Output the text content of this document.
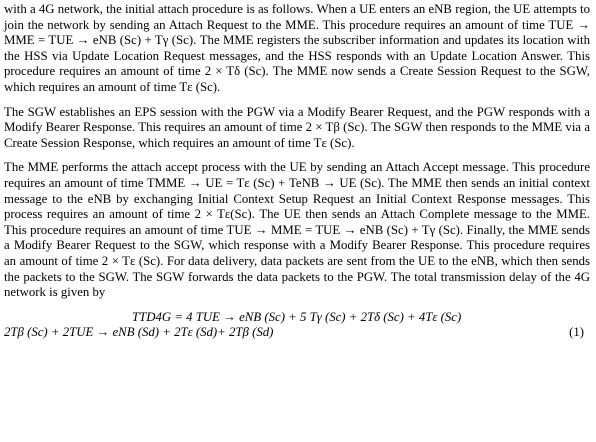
with a 4G network, the initial attach procedure is as follows. When a UE enters an eNB region, the UE attempts to join the network by sending an Attach Request to the MME. This procedure requires an amount of time TUE → MME = TUE → eNB (Sc) + Tγ (Sc). The MME registers the subscriber information and updates its location with the HSS via Update Location Request messages, and the HSS responds with an Update Location Answer. This procedure requires an amount of time 2 × Tδ (Sc). The MME now sends a Create Session Request to the SGW, which requires an amount of time Tε (Sc).

The SGW establishes an EPS session with the PGW via a Modify Bearer Request, and the PGW responds with a Modify Bearer Response. This requires an amount of time 2 × Tβ (Sc). The SGW then responds to the MME via a Create Session Response, which requires an amount of time Tε (Sc).

The MME performs the attach accept process with the UE by sending an Attach Accept message. This procedure requires an amount of time TMME → UE = Tε (Sc) + TeNB → UE (Sc). The MME then sends an initial context message to the eNB by exchanging Initial Context Setup Request an Initial Context Response messages. This process requires an amount of time 2 × Tε(Sc). The UE then sends an Attach Complete message to the MME. This procedure requires an amount of time TUE → MME = TUE → eNB (Sc) + Tγ (Sc). Finally, the MME sends a Modify Bearer Request to the SGW, which response with a Modify Bearer Response. This procedure requires an amount of time 2 × Tε (Sc). For data delivery, data packets are sent from the UE to the eNB, which then sends the packets to the SGW. The SGW forwards the data packets to the PGW. The total transmission delay of the 4G network is given by

TTD4G = 4 TUE → eNB (Sc) + 5 Tγ (Sc) + 2Tδ (Sc) + 4Tε (Sc)
2Tβ (Sc) + 2TUE → eNB (Sd) + 2Tε (Sd)+ 2Tβ (Sd)	(1)
